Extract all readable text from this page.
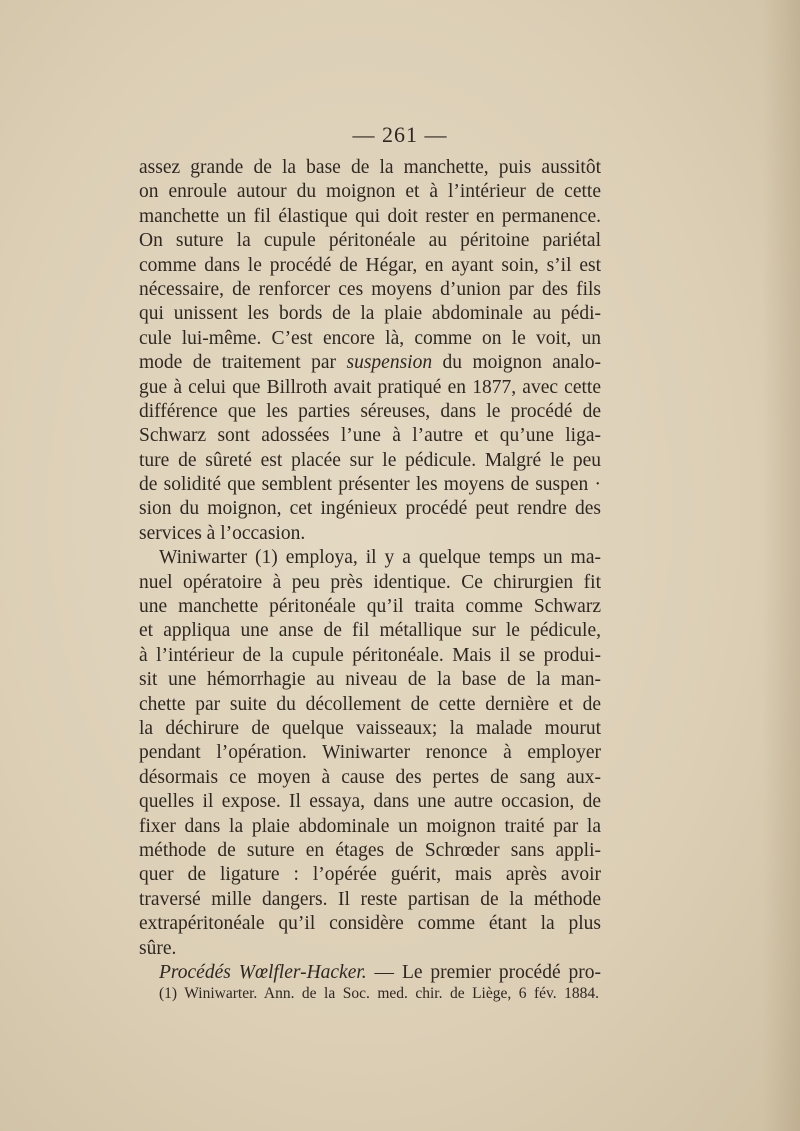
— 261 —
assez grande de la base de la manchette, puis aussitôt
on enroule autour du moignon et à l’intérieur de cette
manchette un fil élastique qui doit rester en permanence.
On suture la cupule péritonéale au péritoine pariétal
comme dans le procédé de Hégar, en ayant soin, s’il est
nécessaire, de renforcer ces moyens d’union par des fils
qui unissent les bords de la plaie abdominale au pédi-
cule lui-même. C’est encore là, comme on le voit, un
mode de traitement par suspension du moignon analo-
gue à celui que Billroth avait pratiqué en 1877, avec cette
différence que les parties séreuses, dans le procédé de
Schwarz sont adossées l’une à l’autre et qu’une liga-
ture de sûreté est placée sur le pédicule. Malgré le peu
de solidité que semblent présenter les moyens de suspen ·
sion du moignon, cet ingénieux procédé peut rendre des
services à l’occasion.
Winiwarter (1) employa, il y a quelque temps un ma-
nuel opératoire à peu près identique. Ce chirurgien fit
une manchette péritonéale qu’il traita comme Schwarz
et appliqua une anse de fil métallique sur le pédicule,
à l’intérieur de la cupule péritonéale. Mais il se produi-
sit une hémorrhagie au niveau de la base de la man-
chette par suite du décollement de cette dernière et de
la déchirure de quelque vaisseaux; la malade mourut
pendant l’opération. Winiwarter renonce à employer
désormais ce moyen à cause des pertes de sang aux-
quelles il expose. Il essaya, dans une autre occasion, de
fixer dans la plaie abdominale un moignon traité par la
méthode de suture en étages de Schrœder sans appli-
quer de ligature : l’opérée guérit, mais après avoir
traversé mille dangers. Il reste partisan de la méthode
extrapéritonéale qu’il considère comme étant la plus
sûre.
Procédés Wœlfler-Hacker. — Le premier procédé pro-
(1) Winiwarter. Ann. de la Soc. med. chir. de Liège, 6 fév. 1884.
